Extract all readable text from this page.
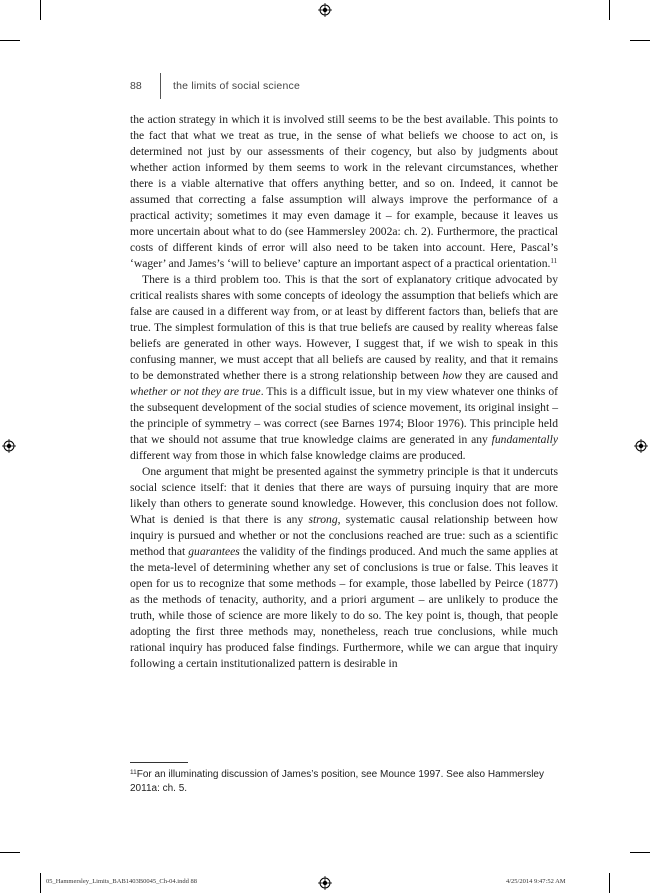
88	the limits of social science

the action strategy in which it is involved still seems to be the best available. This points to the fact that what we treat as true, in the sense of what beliefs we choose to act on, is determined not just by our assessments of their cogency, but also by judgments about whether action informed by them seems to work in the relevant circumstances, whether there is a viable alternative that offers anything better, and so on. Indeed, it cannot be assumed that correcting a false assumption will always improve the performance of a practical activity; sometimes it may even damage it – for example, because it leaves us more uncertain about what to do (see Hammersley 2002a: ch. 2). Furthermore, the practical costs of different kinds of error will also need to be taken into account. Here, Pascal’s ‘wager’ and James’s ‘will to believe’ capture an important aspect of a practical orientation.$^{11}$

There is a third problem too. This is that the sort of explanatory critique advocated by critical realists shares with some concepts of ideology the assumption that beliefs which are false are caused in a different way from, or at least by different factors than, beliefs that are true. The simplest formulation of this is that true beliefs are caused by reality whereas false beliefs are generated in other ways. However, I suggest that, if we wish to speak in this confusing manner, we must accept that all beliefs are caused by reality, and that it remains to be demonstrated whether there is a strong relationship between how they are caused and whether or not they are true. This is a difficult issue, but in my view whatever one thinks of the subsequent development of the social studies of science movement, its original insight – the principle of symmetry – was correct (see Barnes 1974; Bloor 1976). This principle held that we should not assume that true knowledge claims are generated in any fundamentally different way from those in which false knowledge claims are produced.

One argument that might be presented against the symmetry principle is that it undercuts social science itself: that it denies that there are ways of pursuing inquiry that are more likely than others to generate sound knowledge. However, this conclusion does not follow. What is denied is that there is any strong, systematic causal relationship between how inquiry is pursued and whether or not the conclusions reached are true: such as a scientific method that guarantees the validity of the findings produced. And much the same applies at the meta-level of determining whether any set of conclusions is true or false. This leaves it open for us to recognize that some methods – for example, those labelled by Peirce (1877) as the methods of tenacity, authority, and a priori argument – are unlikely to produce the truth, while those of science are more likely to do so. The key point is, though, that people adopting the first three methods may, nonetheless, reach true conclusions, while much rational inquiry has produced false findings. Furthermore, while we can argue that inquiry following a certain institutionalized pattern is desirable in

$^{11}$For an illuminating discussion of James’s position, see Mounce 1997. See also Hammersley 2011a: ch. 5.
05_Hammersley_Limits_BAB1403B0045_Ch-04.indd 88	4/25/2014 9:47:52 AM
